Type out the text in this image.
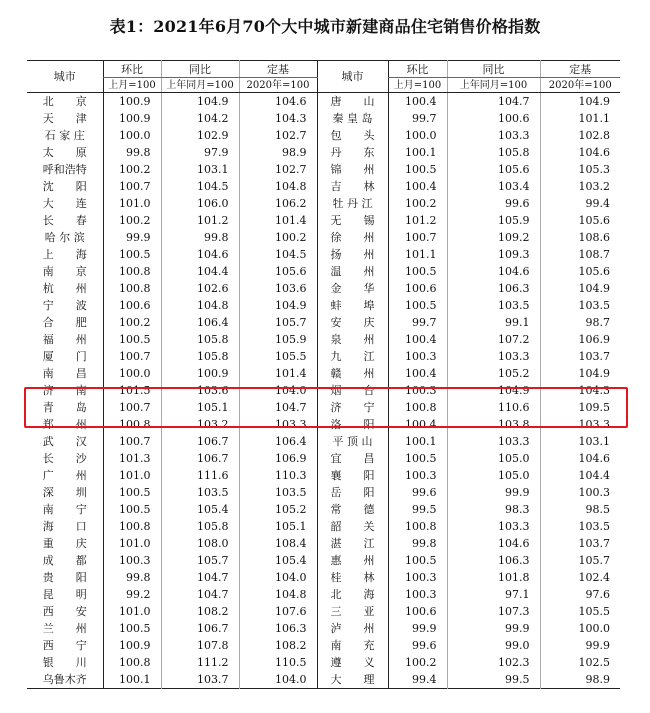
表1：2021年6月70个大中城市新建商品住宅销售价格指数
城市	环比	同比	定基	城市	环比	同比	定基
	上月=100	上年同月=100	2020年=100		上月=100	上年同月=100	2020年=100
北　　京	100.9	104.9	104.6	唐　　山	100.4	104.7	104.9
天　　津	100.9	104.2	104.3	秦 皇 岛	99.7	100.6	101.1
石 家 庄	100.0	102.9	102.7	包　　头	100.0	103.3	102.8
太　　原	99.8	97.9	98.9	丹　　东	100.1	105.8	104.6
呼和浩特	100.2	103.1	102.7	锦　　州	100.5	105.6	105.3
沈　　阳	100.7	104.5	104.8	吉　　林	100.4	103.4	103.2
大　　连	101.0	106.0	106.2	牡 丹 江	100.2	99.6	99.4
长　　春	100.2	101.2	101.4	无　　锡	101.2	105.9	105.6
哈 尔 滨	99.9	99.8	100.2	徐　　州	100.7	109.2	108.6
上　　海	100.5	104.6	104.5	扬　　州	101.1	109.3	108.7
南　　京	100.8	104.4	105.6	温　　州	100.5	104.6	105.6
杭　　州	100.8	102.6	103.6	金　　华	100.6	106.3	104.9
宁　　波	100.6	104.8	104.9	蚌　　埠	100.5	103.5	103.5
合　　肥	100.2	106.4	105.7	安　　庆	99.7	99.1	98.7
福　　州	100.5	105.8	105.9	泉　　州	100.4	107.2	106.9
厦　　门	100.7	105.8	105.5	九　　江	100.3	103.3	103.7
南　　昌	100.0	100.9	101.4	赣　　州	100.4	105.2	104.9
济　　南	101.5	103.6	104.0	烟　　台	100.3	104.9	104.3
青　　岛	100.7	105.1	104.7	济　　宁	100.8	110.6	109.5
郑　　州	100.8	103.2	103.3	洛　　阳	100.4	103.8	103.3
武　　汉	100.7	106.7	106.4	平 顶 山	100.1	103.3	103.1
长　　沙	101.3	106.7	106.9	宜　　昌	100.5	105.0	104.6
广　　州	101.0	111.6	110.3	襄　　阳	100.3	105.0	104.4
深　　圳	100.5	103.5	103.5	岳　　阳	99.6	99.9	100.3
南　　宁	100.5	105.4	105.2	常　　德	99.5	98.3	98.5
海　　口	100.8	105.8	105.1	韶　　关	100.8	103.3	103.5
重　　庆	101.0	108.0	108.4	湛　　江	99.8	104.6	103.7
成　　都	100.3	105.7	105.4	惠　　州	100.5	106.3	105.7
贵　　阳	99.8	104.7	104.0	桂　　林	100.3	101.8	102.4
昆　　明	99.2	104.7	104.8	北　　海	100.3	97.1	97.6
西　　安	101.0	108.2	107.6	三　　亚	100.6	107.3	105.5
兰　　州	100.5	106.7	106.3	泸　　州	99.9	99.9	100.0
西　　宁	100.9	107.8	108.2	南　　充	99.6	99.0	99.9
银　　川	100.8	111.2	110.5	遵　　义	100.2	102.3	102.5
乌鲁木齐	100.1	103.7	104.0	大　　理	99.4	99.5	98.9
